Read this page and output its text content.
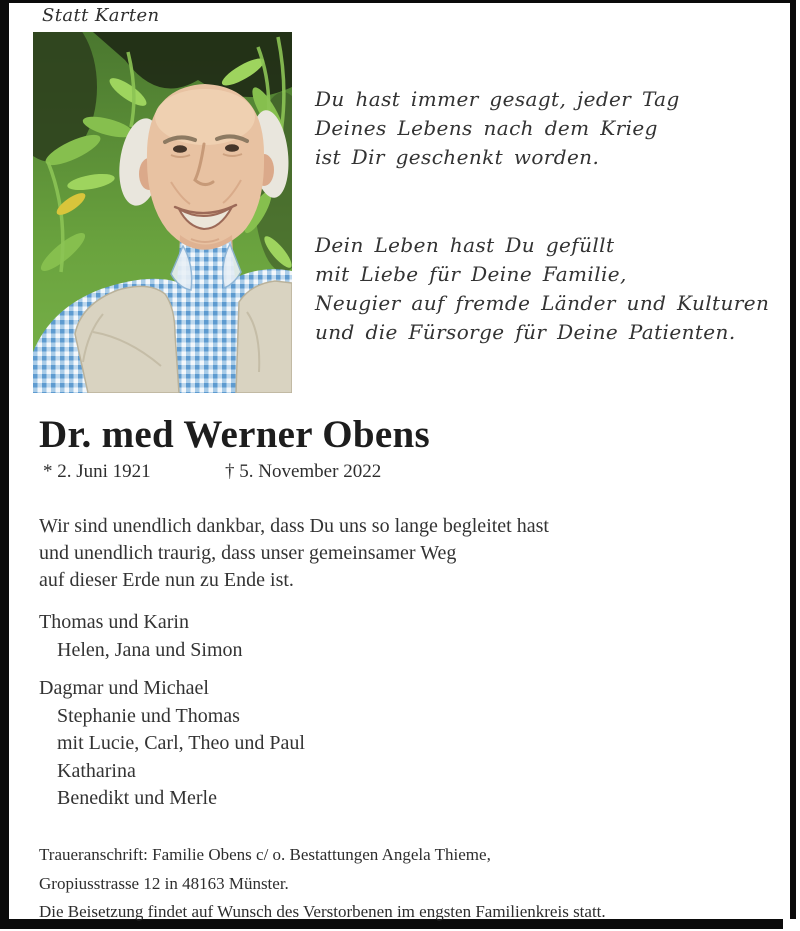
Statt Karten
Du hast immer gesagt, jeder Tag
Deines Lebens nach dem Krieg
ist Dir geschenkt worden.
Dein Leben hast Du gefüllt
mit Liebe für Deine Familie,
Neugier auf fremde Länder und Kulturen
und die Fürsorge für Deine Patienten.
Dr. med Werner Obens
* 2. Juni 1921	† 5. November 2022
Wir sind unendlich dankbar, dass Du uns so lange begleitet hast
und unendlich traurig, dass unser gemeinsamer Weg
auf dieser Erde nun zu Ende ist.
Thomas und Karin
Helen, Jana und Simon
Dagmar und Michael
Stephanie und Thomas
mit Lucie, Carl, Theo und Paul
Katharina
Benedikt und Merle
Traueranschrift: Familie Obens c/ o. Bestattungen Angela Thieme,
Gropiusstrasse 12 in 48163 Münster.
Die Beisetzung findet auf Wunsch des Verstorbenen im engsten Familienkreis statt.
